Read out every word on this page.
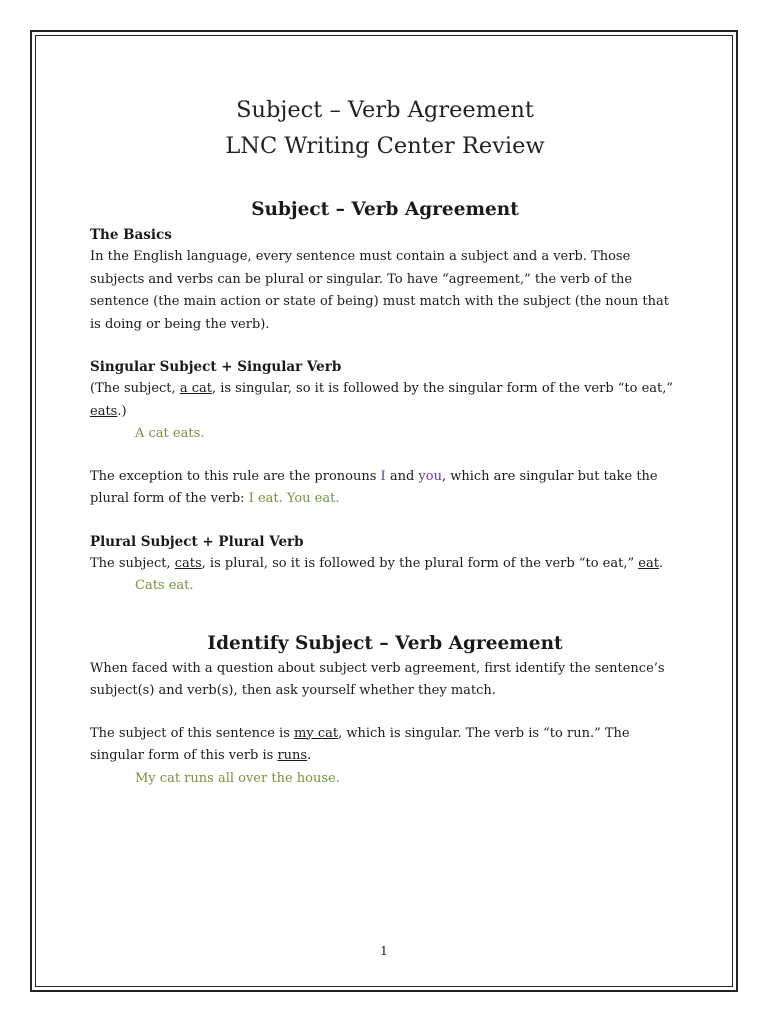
Subject – Verb Agreement
LNC Writing Center Review
Subject – Verb Agreement
The Basics

In the English language, every sentence must contain a subject and a verb. Those subjects and verbs can be plural or singular. To have “agreement,” the verb of the sentence (the main action or state of being) must match with the subject (the noun that is doing or being the verb).

Singular Subject + Singular Verb

(The subject, a cat, is singular, so it is followed by the singular form of the verb “to eat,” eats.)

A cat eats.

The exception to this rule are the pronouns I and you, which are singular but take the plural form of the verb: I eat. You eat.

Plural Subject + Plural Verb

The subject, cats, is plural, so it is followed by the plural form of the verb “to eat,” eat.

Cats eat.

Identify Subject – Verb Agreement

When faced with a question about subject verb agreement, first identify the sentence’s subject(s) and verb(s), then ask yourself whether they match.

The subject of this sentence is my cat, which is singular. The verb is “to run.” The singular form of this verb is runs.

My cat runs all over the house.

1
